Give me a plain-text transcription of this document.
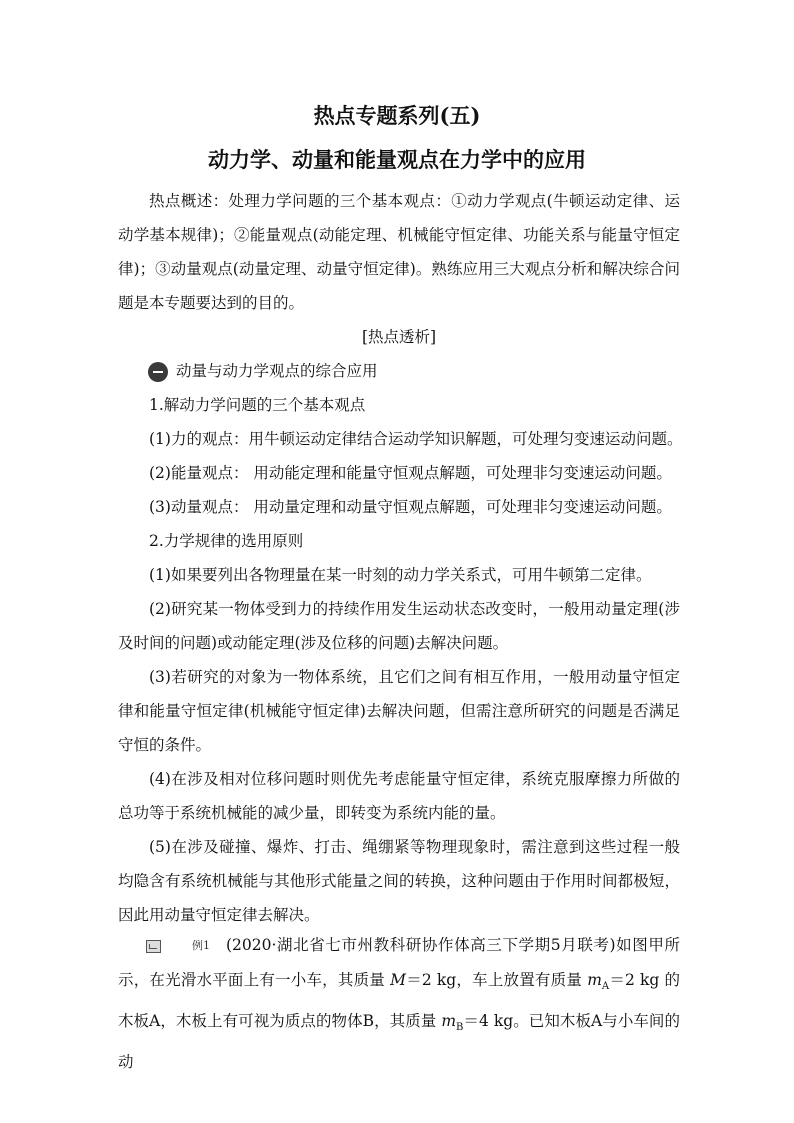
热点专题系列(五)
动力学、动量和能量观点在力学中的应用

热点概述：处理力学问题的三个基本观点：①动力学观点(牛顿运动定律、运动学基本规律)；②能量观点(动能定理、机械能守恒定律、功能关系与能量守恒定律)；③动量观点(动量定理、动量守恒定律)。熟练应用三大观点分析和解决综合问题是本专题要达到的目的。

[热点透析]

动量与动力学观点的综合应用

1.解动力学问题的三个基本观点

(1)力的观点：用牛顿运动定律结合运动学知识解题，可处理匀变速运动问题。

(2)能量观点： 用动能定理和能量守恒观点解题，可处理非匀变速运动问题。

(3)动量观点： 用动量定理和动量守恒观点解题，可处理非匀变速运动问题。

2.力学规律的选用原则

(1)如果要列出各物理量在某一时刻的动力学关系式，可用牛顿第二定律。

(2)研究某一物体受到力的持续作用发生运动状态改变时，一般用动量定理(涉及时间的问题)或动能定理(涉及位移的问题)去解决问题。

(3)若研究的对象为一物体系统，且它们之间有相互作用，一般用动量守恒定律和能量守恒定律(机械能守恒定律)去解决问题，但需注意所研究的问题是否满足守恒的条件。

(4)在涉及相对位移问题时则优先考虑能量守恒定律，系统克服摩擦力所做的总功等于系统机械能的减少量，即转变为系统内能的量。

(5)在涉及碰撞、爆炸、打击、绳绷紧等物理现象时，需注意到这些过程一般均隐含有系统机械能与其他形式能量之间的转换，这种问题由于作用时间都极短，因此用动量守恒定律去解决。

例1 (2020·湖北省七市州教科研协作体高三下学期5月联考)如图甲所示，在光滑水平面上有一小车，其质量 M＝2 kg，车上放置有质量 $m_A=2$ kg 的木板A，木板上有可视为质点的物体B，其质量 $m_B=4$ kg。已知木板A与小车间的动
